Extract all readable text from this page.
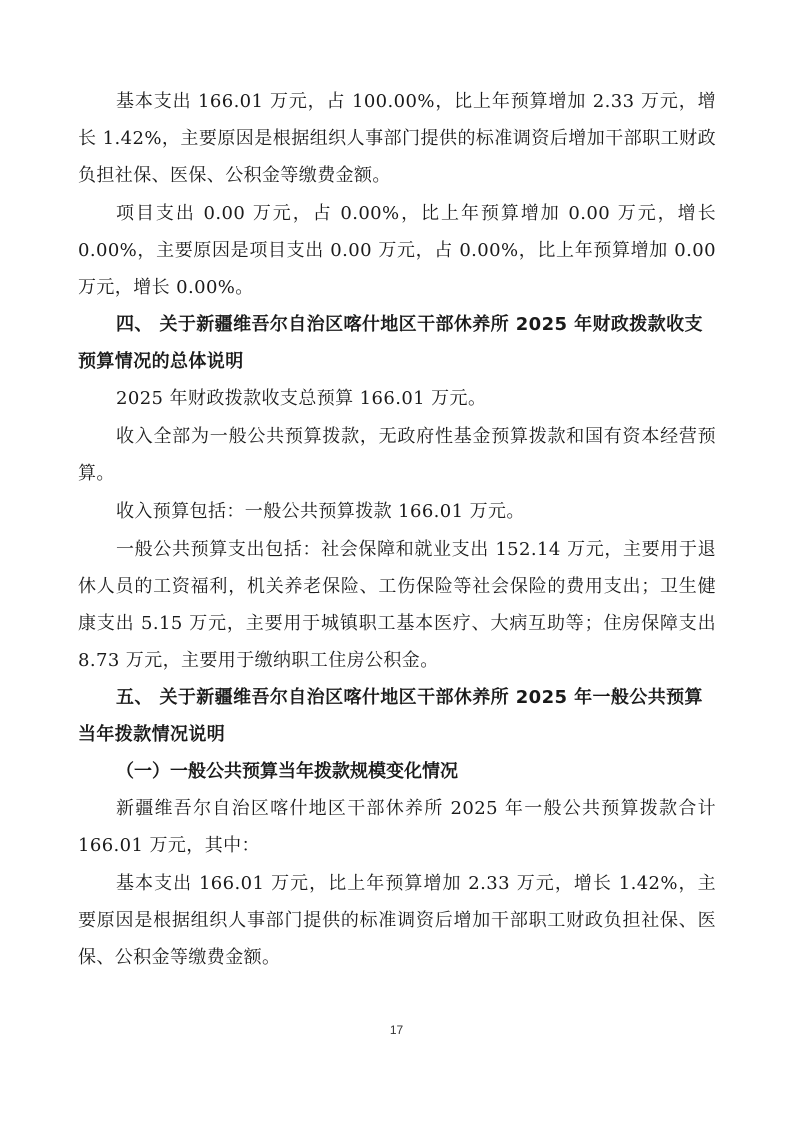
基本支出 166.01 万元，占 100.00%，比上年预算增加 2.33 万元，增长 1.42%，主要原因是根据组织人事部门提供的标准调资后增加干部职工财政负担社保、医保、公积金等缴费金额。

项目支出 0.00 万元，占 0.00%，比上年预算增加 0.00 万元，增长 0.00%，主要原因是项目支出 0.00 万元，占 0.00%，比上年预算增加 0.00 万元，增长 0.00%。

四、 关于新疆维吾尔自治区喀什地区干部休养所 2025 年财政拨款收支预算情况的总体说明

2025 年财政拨款收支总预算 166.01 万元。

收入全部为一般公共预算拨款，无政府性基金预算拨款和国有资本经营预算。

收入预算包括：一般公共预算拨款 166.01 万元。

一般公共预算支出包括：社会保障和就业支出 152.14 万元，主要用于退休人员的工资福利，机关养老保险、工伤保险等社会保险的费用支出；卫生健康支出 5.15 万元，主要用于城镇职工基本医疗、大病互助等；住房保障支出 8.73 万元，主要用于缴纳职工住房公积金。

五、 关于新疆维吾尔自治区喀什地区干部休养所 2025 年一般公共预算当年拨款情况说明

（一）一般公共预算当年拨款规模变化情况

新疆维吾尔自治区喀什地区干部休养所 2025 年一般公共预算拨款合计 166.01 万元，其中：

基本支出 166.01 万元，比上年预算增加 2.33 万元，增长 1.42%，主要原因是根据组织人事部门提供的标准调资后增加干部职工财政负担社保、医保、公积金等缴费金额。

17
